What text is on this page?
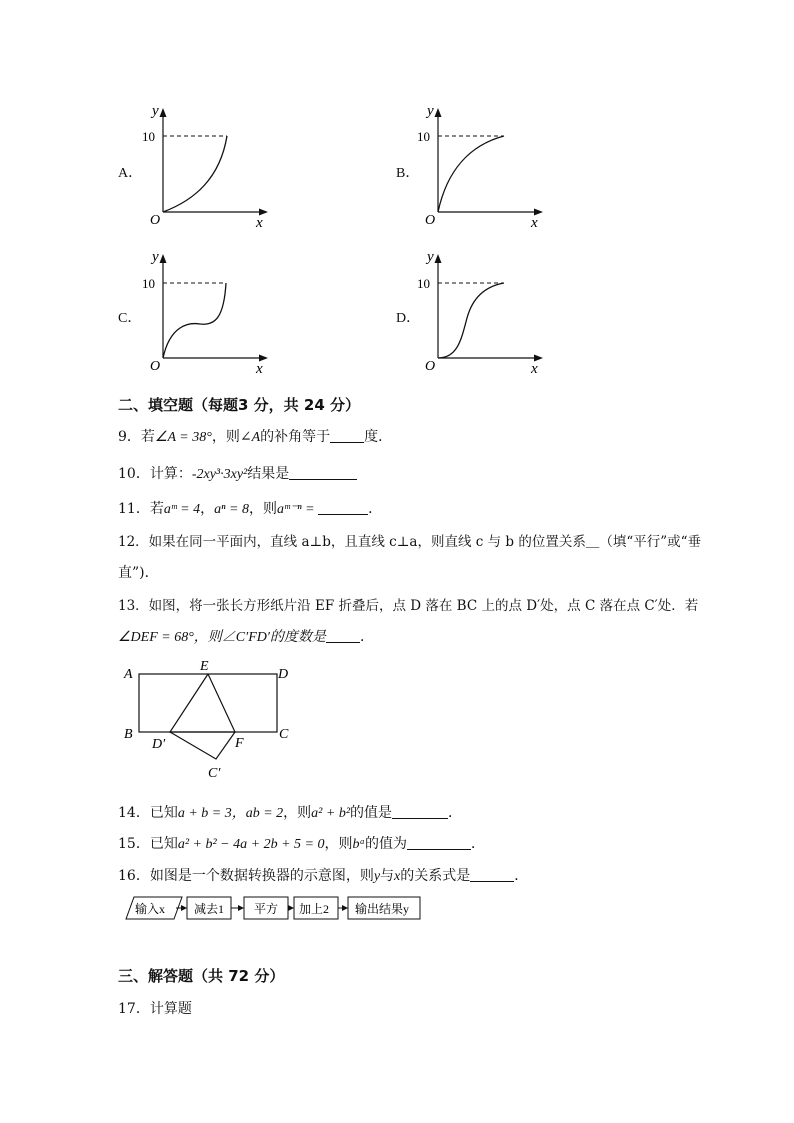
A．
y
10
O	x
B．
y
10
O	x
C．
y
10
O	x
D．
y
10
O	x
二、填空题（每题3 分，共 24 分）
9．若∠A = 38°，则∠A的补角等于 度．
10．计算：-2xy³·3xy²结果是
11．若aᵐ = 4，aⁿ = 8，则aᵐ⁻ⁿ =	．
12．如果在同一平面内，直线 a⊥b，且直线 c⊥a，则直线 c 与 b 的位置关系＿（填“平行”或“垂
直”)．
13．如图，将一张长方形纸片沿 EF 折叠后，点 D 落在 BC 上的点 D′处，点 C 落在点 C′处．若
∠DEF = 68°，则∠C′FD′的度数是 ．
A
B	C
D
E
F
D′
C′
14．已知a + b = 3，ab = 2，则a² + b²的值是	．
15．已知a² + b² − 4a + 2b + 5 = 0，则bᵃ的值为	．
16．如图是一个数据转换器的示意图，则y与x的关系式是	．
输入x 减去1 平方 加上2 输出结果y
三、解答题（共 72 分）
17．计算题
